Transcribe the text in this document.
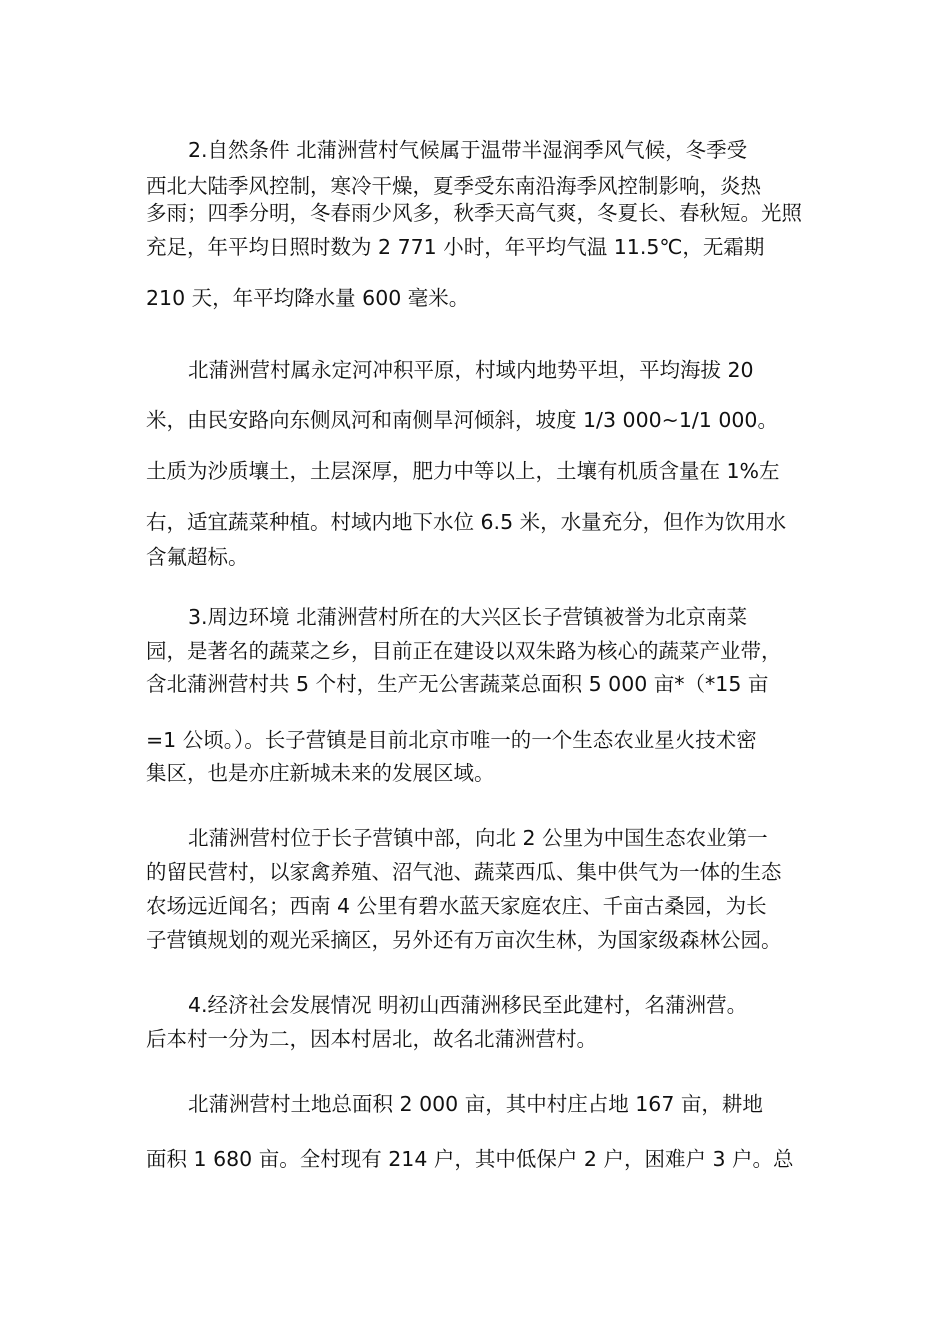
2.自然条件 北蒲洲营村气候属于温带半湿润季风气候，冬季受
西北大陆季风控制，寒冷干燥，夏季受东南沿海季风控制影响，炎热
多雨；四季分明，冬春雨少风多，秋季天高气爽，冬夏长、春秋短。光照
充足，年平均日照时数为 2 771 小时，年平均气温 11.5℃，无霜期
210 天，年平均降水量 600 毫米。
北蒲洲营村属永定河冲积平原，村域内地势平坦，平均海拔 20
米，由民安路向东侧凤河和南侧旱河倾斜，坡度 1/3 000~1/1 000。
土质为沙质壤土，土层深厚，肥力中等以上，土壤有机质含量在 1%左
右，适宜蔬菜种植。村域内地下水位 6.5 米，水量充分，但作为饮用水
含氟超标。
3.周边环境 北蒲洲营村所在的大兴区长子营镇被誉为北京南菜
园，是著名的蔬菜之乡，目前正在建设以双朱路为核心的蔬菜产业带，
含北蒲洲营村共 5 个村，生产无公害蔬菜总面积 5 000 亩*（*15 亩
=1 公顷。）。长子营镇是目前北京市唯一的一个生态农业星火技术密
集区，也是亦庄新城未来的发展区域。
北蒲洲营村位于长子营镇中部，向北 2 公里为中国生态农业第一
的留民营村，以家禽养殖、沼气池、蔬菜西瓜、集中供气为一体的生态
农场远近闻名；西南 4 公里有碧水蓝天家庭农庄、千亩古桑园，为长
子营镇规划的观光采摘区，另外还有万亩次生林，为国家级森林公园。
4.经济社会发展情况 明初山西蒲洲移民至此建村，名蒲洲营。
后本村一分为二，因本村居北，故名北蒲洲营村。
北蒲洲营村土地总面积 2 000 亩，其中村庄占地 167 亩，耕地
面积 1 680 亩。全村现有 214 户，其中低保户 2 户，困难户 3 户。总
